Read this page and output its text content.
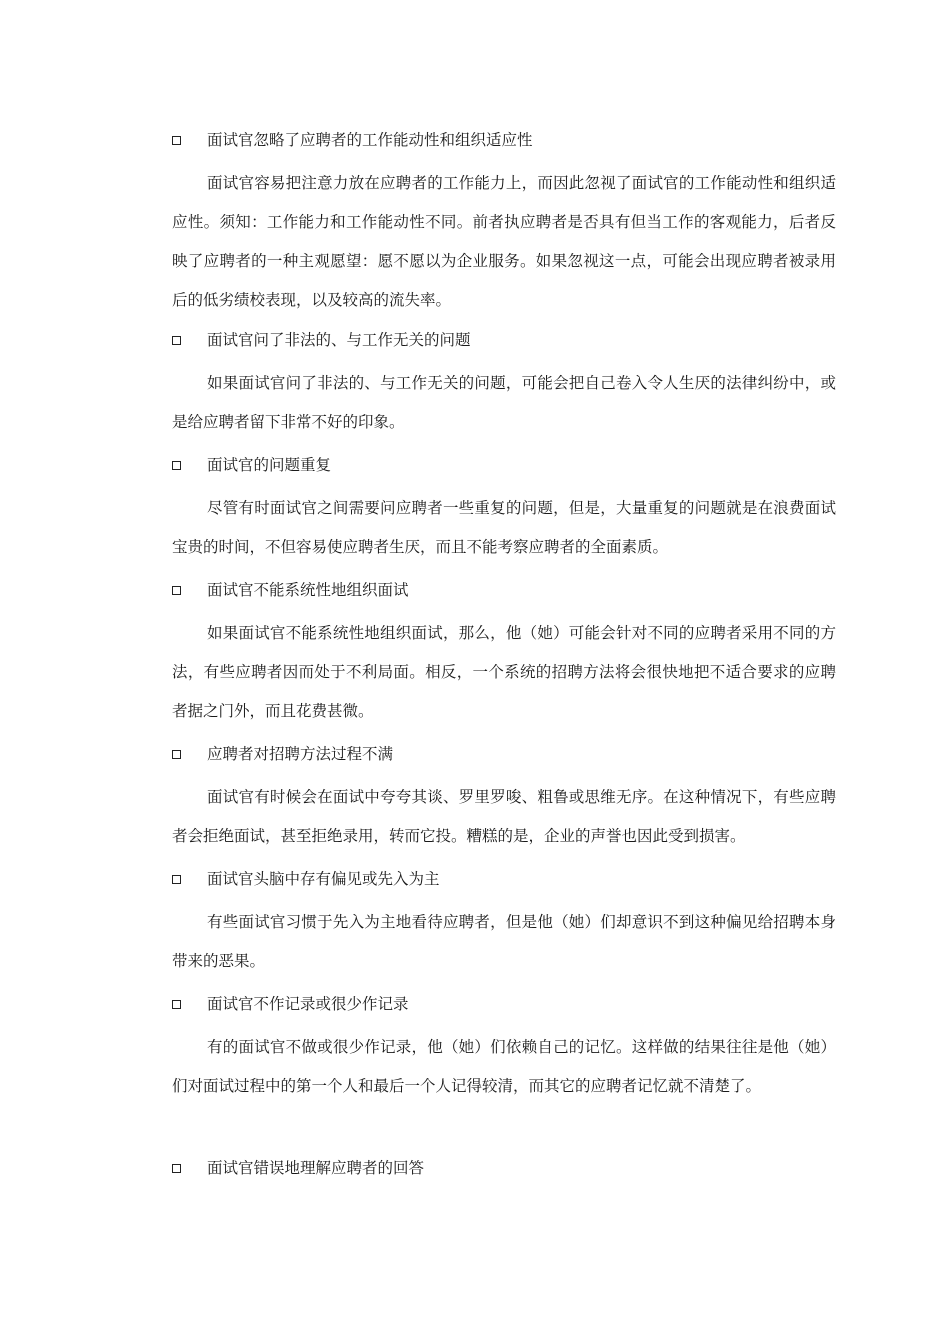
面试官忽略了应聘者的工作能动性和组织适应性

面试官容易把注意力放在应聘者的工作能力上，而因此忽视了面试官的工作能动性和组织适应性。须知：工作能力和工作能动性不同。前者执应聘者是否具有但当工作的客观能力，后者反映了应聘者的一种主观愿望：愿不愿以为企业服务。如果忽视这一点，可能会出现应聘者被录用后的低劣绩校表现，以及较高的流失率。

面试官问了非法的、与工作无关的问题

如果面试官问了非法的、与工作无关的问题，可能会把自己卷入令人生厌的法律纠纷中，或是给应聘者留下非常不好的印象。

面试官的问题重复

尽管有时面试官之间需要问应聘者一些重复的问题，但是，大量重复的问题就是在浪费面试宝贵的时间，不但容易使应聘者生厌，而且不能考察应聘者的全面素质。

面试官不能系统性地组织面试

如果面试官不能系统性地组织面试，那么，他（她）可能会针对不同的应聘者采用不同的方法，有些应聘者因而处于不利局面。相反，一个系统的招聘方法将会很快地把不适合要求的应聘者据之门外，而且花费甚微。

应聘者对招聘方法过程不满

面试官有时候会在面试中夸夸其谈、罗里罗唆、粗鲁或思维无序。在这种情况下，有些应聘者会拒绝面试，甚至拒绝录用，转而它投。糟糕的是，企业的声誉也因此受到损害。

面试官头脑中存有偏见或先入为主

有些面试官习惯于先入为主地看待应聘者，但是他（她）们却意识不到这种偏见给招聘本身带来的恶果。

面试官不作记录或很少作记录

有的面试官不做或很少作记录，他（她）们依赖自己的记忆。这样做的结果往往是他（她）们对面试过程中的第一个人和最后一个人记得较清，而其它的应聘者记忆就不清楚了。

面试官错误地理解应聘者的回答
